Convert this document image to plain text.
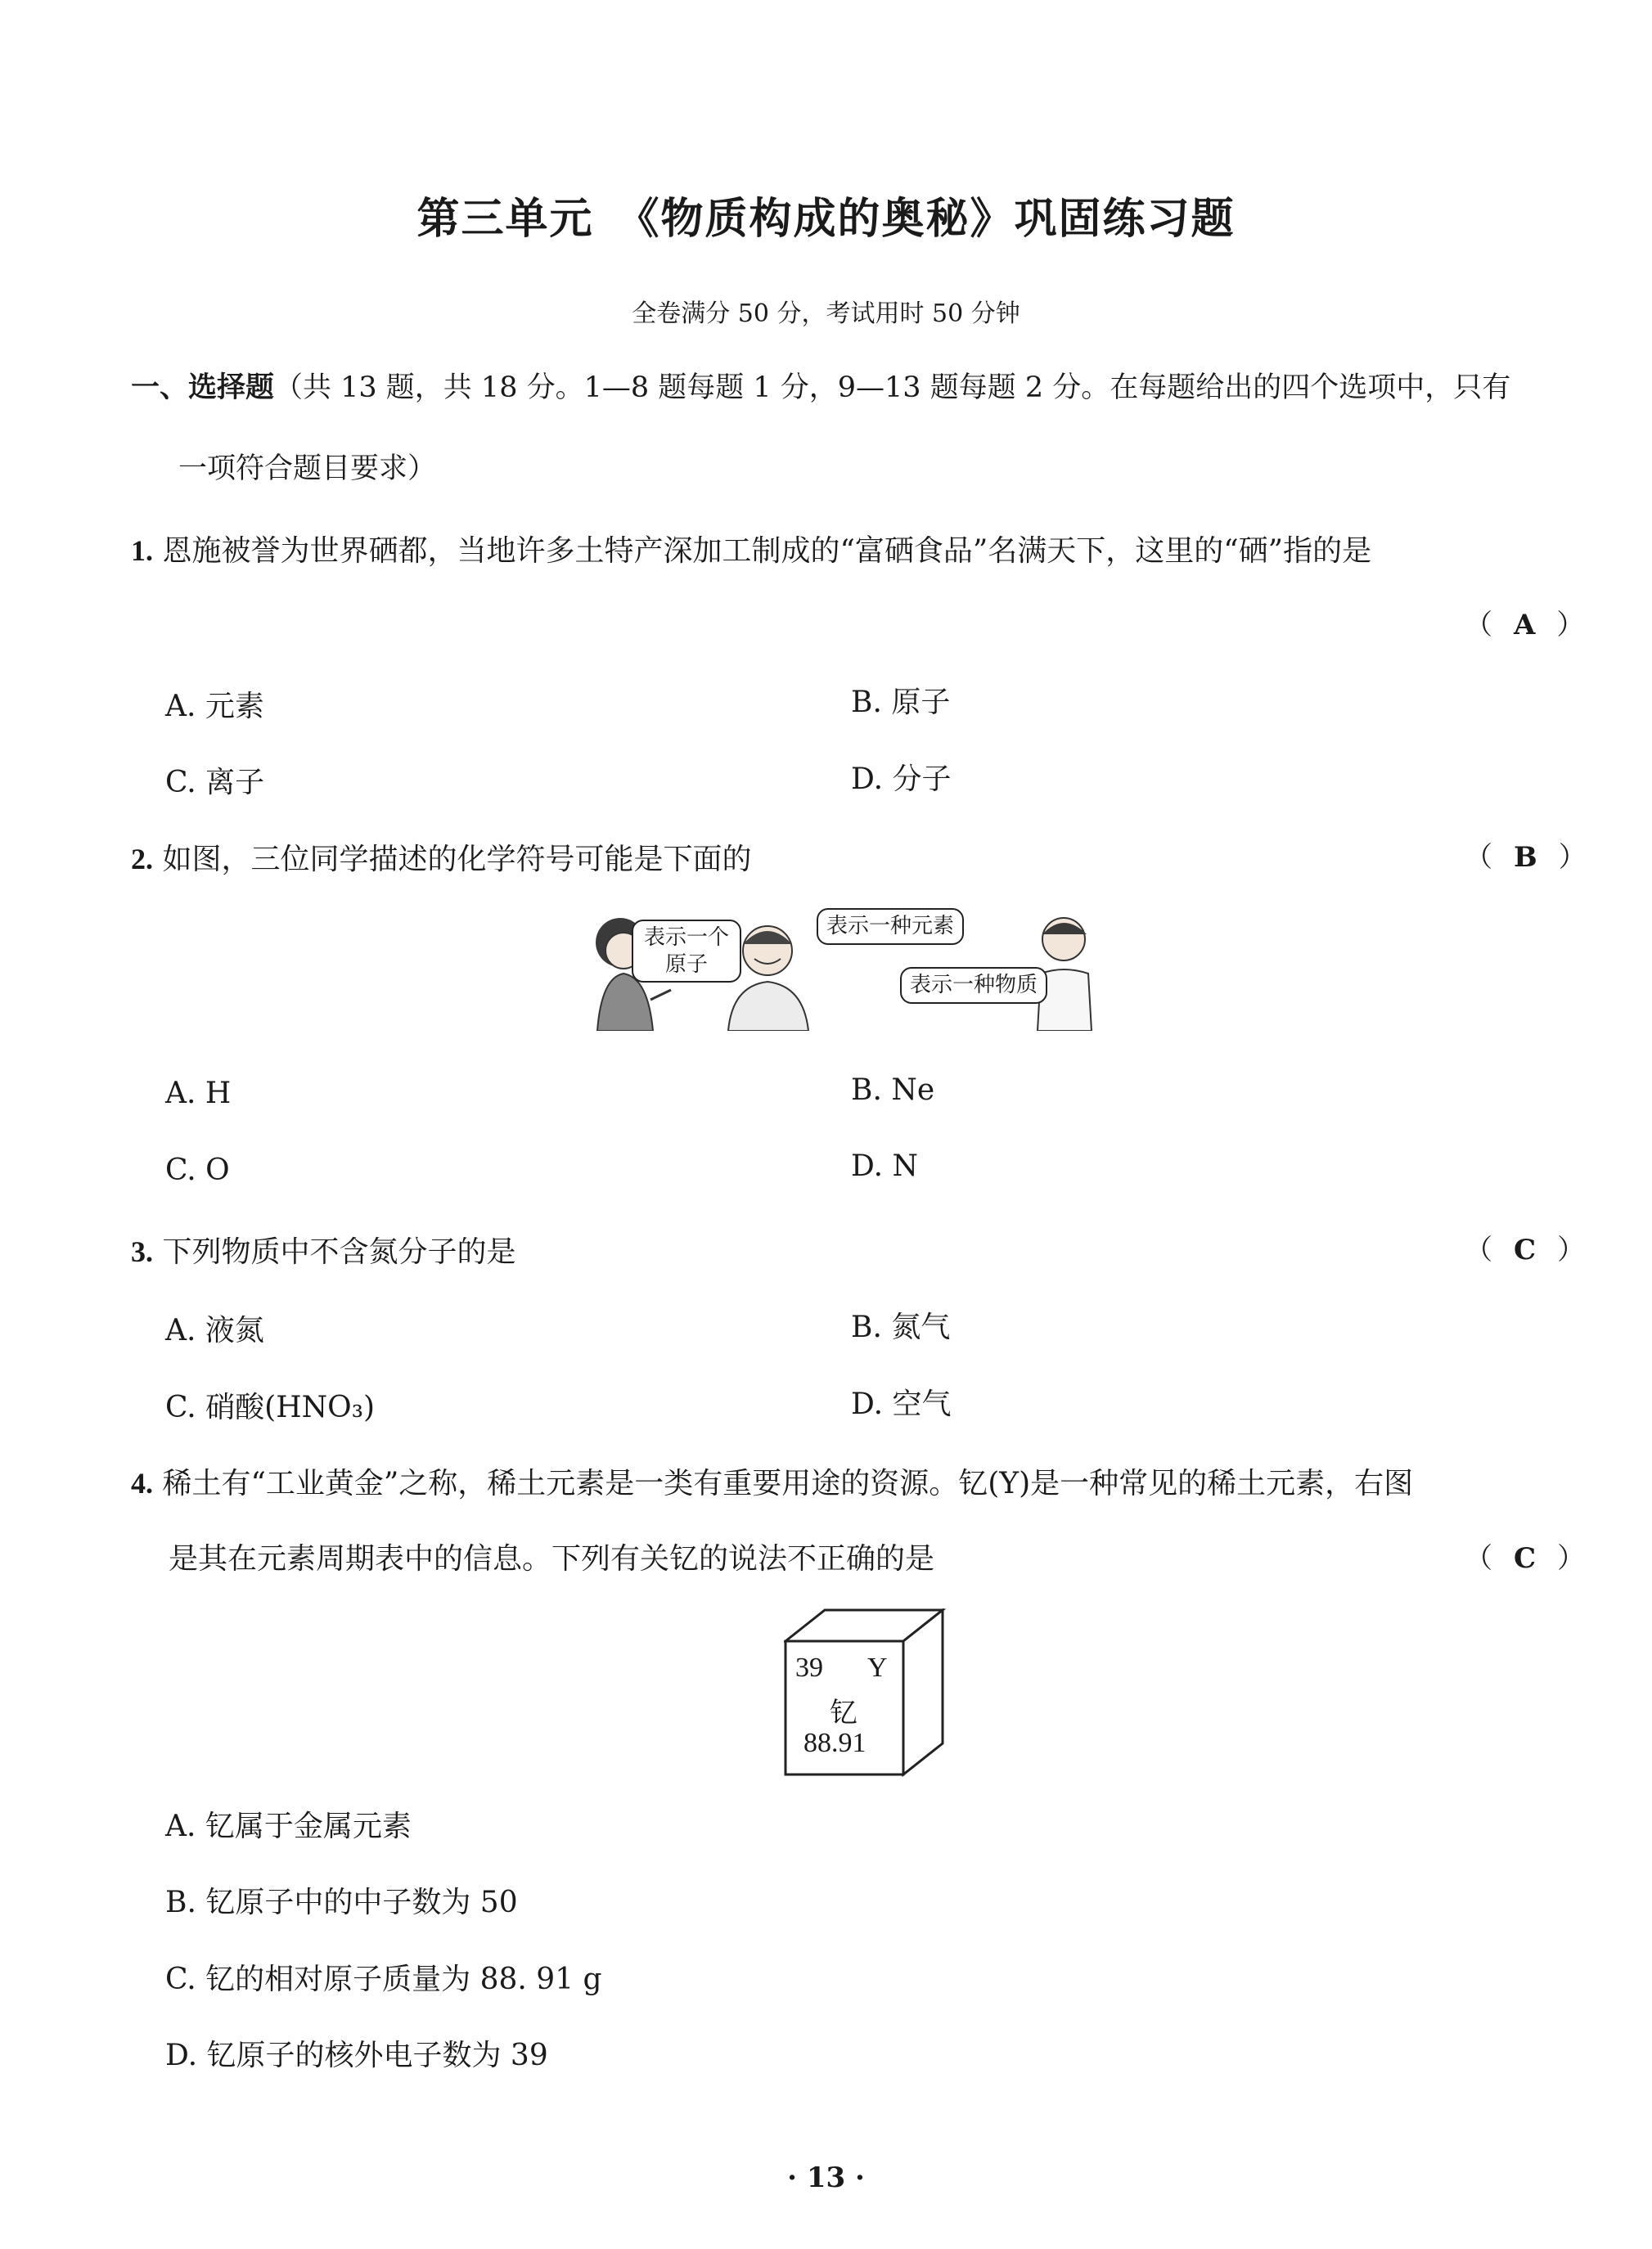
第三单元　《物质构成的奥秘》巩固练习题
全卷满分 50 分，考试用时 50 分钟
一、选择题（共 13 题，共 18 分。1—8 题每题 1 分，9—13 题每题 2 分。在每题给出的四个选项中，只有
一项符合题目要求）
1. 恩施被誉为世界硒都，当地许多土特产深加工制成的“富硒食品”名满天下，这里的“硒”指的是
（ A ）
A. 元素	B. 原子
C. 离子	D. 分子
2. 如图，三位同学描述的化学符号可能是下面的	（ B ）
表示一个原子
表示一种元素
表示一种物质
A. H	B. Ne
C. O	D. N
3. 下列物质中不含氮分子的是	（ C ）
A. 液氮	B. 氮气
C. 硝酸(HNO₃)	D. 空气
4. 稀土有“工业黄金”之称，稀土元素是一类有重要用途的资源。钇(Y)是一种常见的稀土元素，右图
是其在元素周期表中的信息。下列有关钇的说法不正确的是	（ C ）
39 Y
钇
88.91
A. 钇属于金属元素
B. 钇原子中的中子数为 50
C. 钇的相对原子质量为 88. 91 g
D. 钇原子的核外电子数为 39
· 13 ·
